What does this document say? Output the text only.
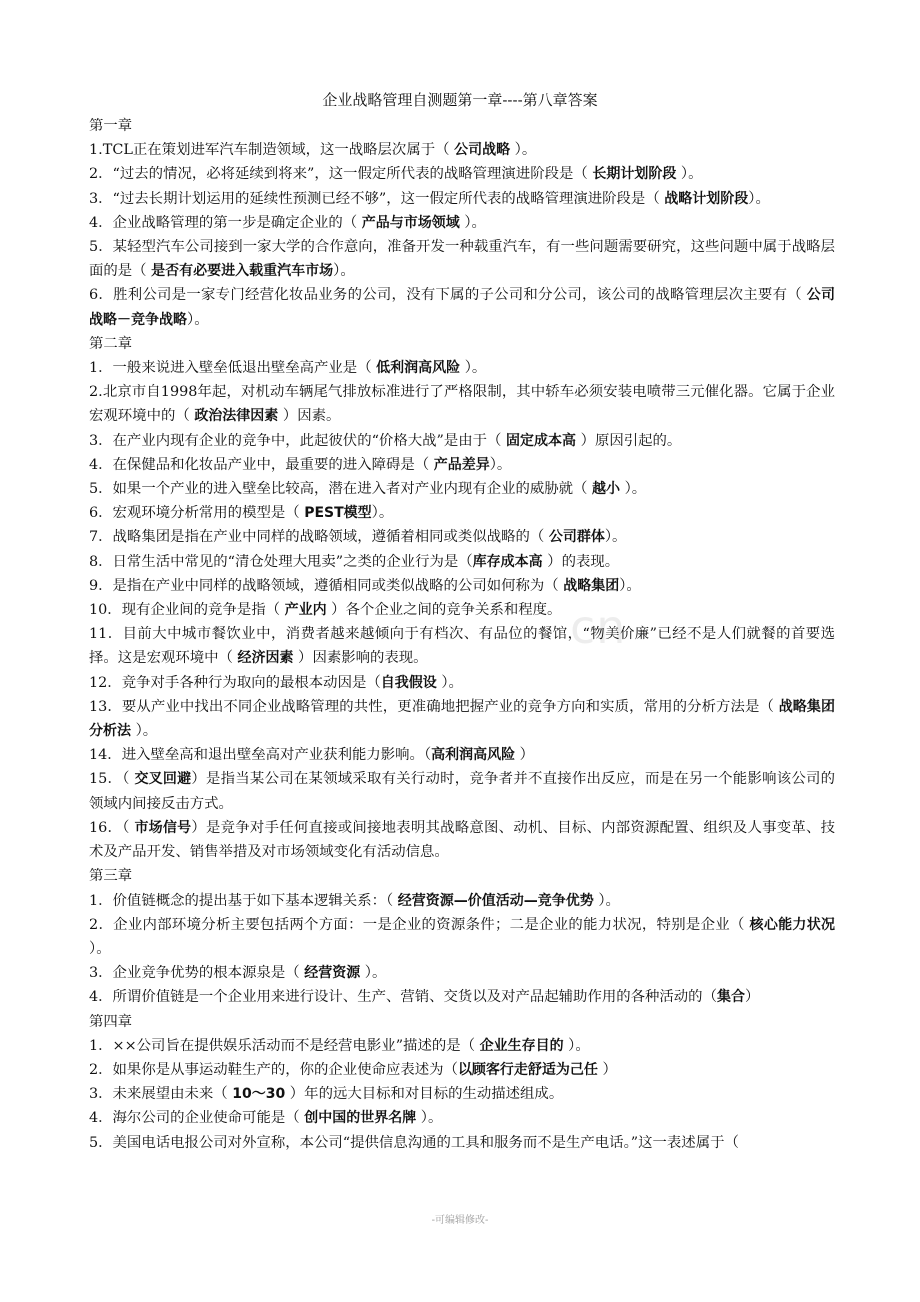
企业战略管理自测题第一章----第八章答案

第一章

1.TCL正在策划进军汽车制造领域，这一战略层次属于（ 公司战略 ）。

2．“过去的情况，必将延续到将来”，这一假定所代表的战略管理演进阶段是（ 长期计划阶段 ）。

3．“过去长期计划运用的延续性预测已经不够”，这一假定所代表的战略管理演进阶段是（ 战略计划阶段）。

4．企业战略管理的第一步是确定企业的（ 产品与市场领域 ）。

5．某轻型汽车公司接到一家大学的合作意向，准备开发一种载重汽车，有一些问题需要研究，这些问题中属于战略层面的是（ 是否有必要进入载重汽车市场）。

6．胜利公司是一家专门经营化妆品业务的公司，没有下属的子公司和分公司，该公司的战略管理层次主要有（ 公司战略－竞争战略）。

第二章

1．一般来说进入壁垒低退出壁垒高产业是（ 低利润高风险 ）。

2.北京市自1998年起，对机动车辆尾气排放标准进行了严格限制，其中轿车必须安装电喷带三元催化器。它属于企业宏观环境中的（ 政治法律因素 ）因素。

3．在产业内现有企业的竞争中，此起彼伏的“价格大战”是由于（ 固定成本高 ）原因引起的。

4．在保健品和化妆品产业中，最重要的进入障碍是（ 产品差异）。

5．如果一个产业的进入壁垒比较高，潜在进入者对产业内现有企业的威胁就（ 越小 ）。

6．宏观环境分析常用的模型是（ PEST模型）。

7．战略集团是指在产业中同样的战略领域，遵循着相同或类似战略的（ 公司群体）。

8．日常生活中常见的“清仓处理大甩卖”之类的企业行为是（库存成本高 ）的表现。

9．是指在产业中同样的战略领域，遵循相同或类似战略的公司如何称为（ 战略集团）。

10．现有企业间的竞争是指（ 产业内 ）各个企业之间的竞争关系和程度。

11．目前大中城市餐饮业中，消费者越来越倾向于有档次、有品位的餐馆，“物美价廉”已经不是人们就餐的首要选择。这是宏观环境中（ 经济因素 ）因素影响的表现。

12．竞争对手各种行为取向的最根本动因是（自我假设 ）。

13．要从产业中找出不同企业战略管理的共性，更准确地把握产业的竞争方向和实质，常用的分析方法是（ 战略集团分析法 ）。

14．进入壁垒高和退出壁垒高对产业获利能力影响。（高利润高风险 ）

15．（ 交叉回避）是指当某公司在某领域采取有关行动时，竞争者并不直接作出反应，而是在另一个能影响该公司的领域内间接反击方式。

16．（ 市场信号）是竞争对手任何直接或间接地表明其战略意图、动机、目标、内部资源配置、组织及人事变革、技术及产品开发、销售举措及对市场领域变化有活动信息。

第三章

1．价值链概念的提出基于如下基本逻辑关系：（ 经营资源—价值活动—竞争优势 ）。

2．企业内部环境分析主要包括两个方面：一是企业的资源条件；二是企业的能力状况，特别是企业（ 核心能力状况 ）。

3．企业竞争优势的根本源泉是（ 经营资源 ）。

4．所谓价值链是一个企业用来进行设计、生产、营销、交货以及对产品起辅助作用的各种活动的（集合）

第四章

1．××公司旨在提供娱乐活动而不是经营电影业”描述的是（ 企业生存目的 ）。

2．如果你是从事运动鞋生产的，你的企业使命应表述为（以顾客行走舒适为己任 ）

3．未来展望由未来（ 10～30 ）年的远大目标和对目标的生动描述组成。

4．海尔公司的企业使命可能是（ 创中国的世界名牌 ）。

5．美国电话电报公司对外宣称，本公司“提供信息沟通的工具和服务而不是生产电话。”这一表述属于（

cn
-可编辑修改-
